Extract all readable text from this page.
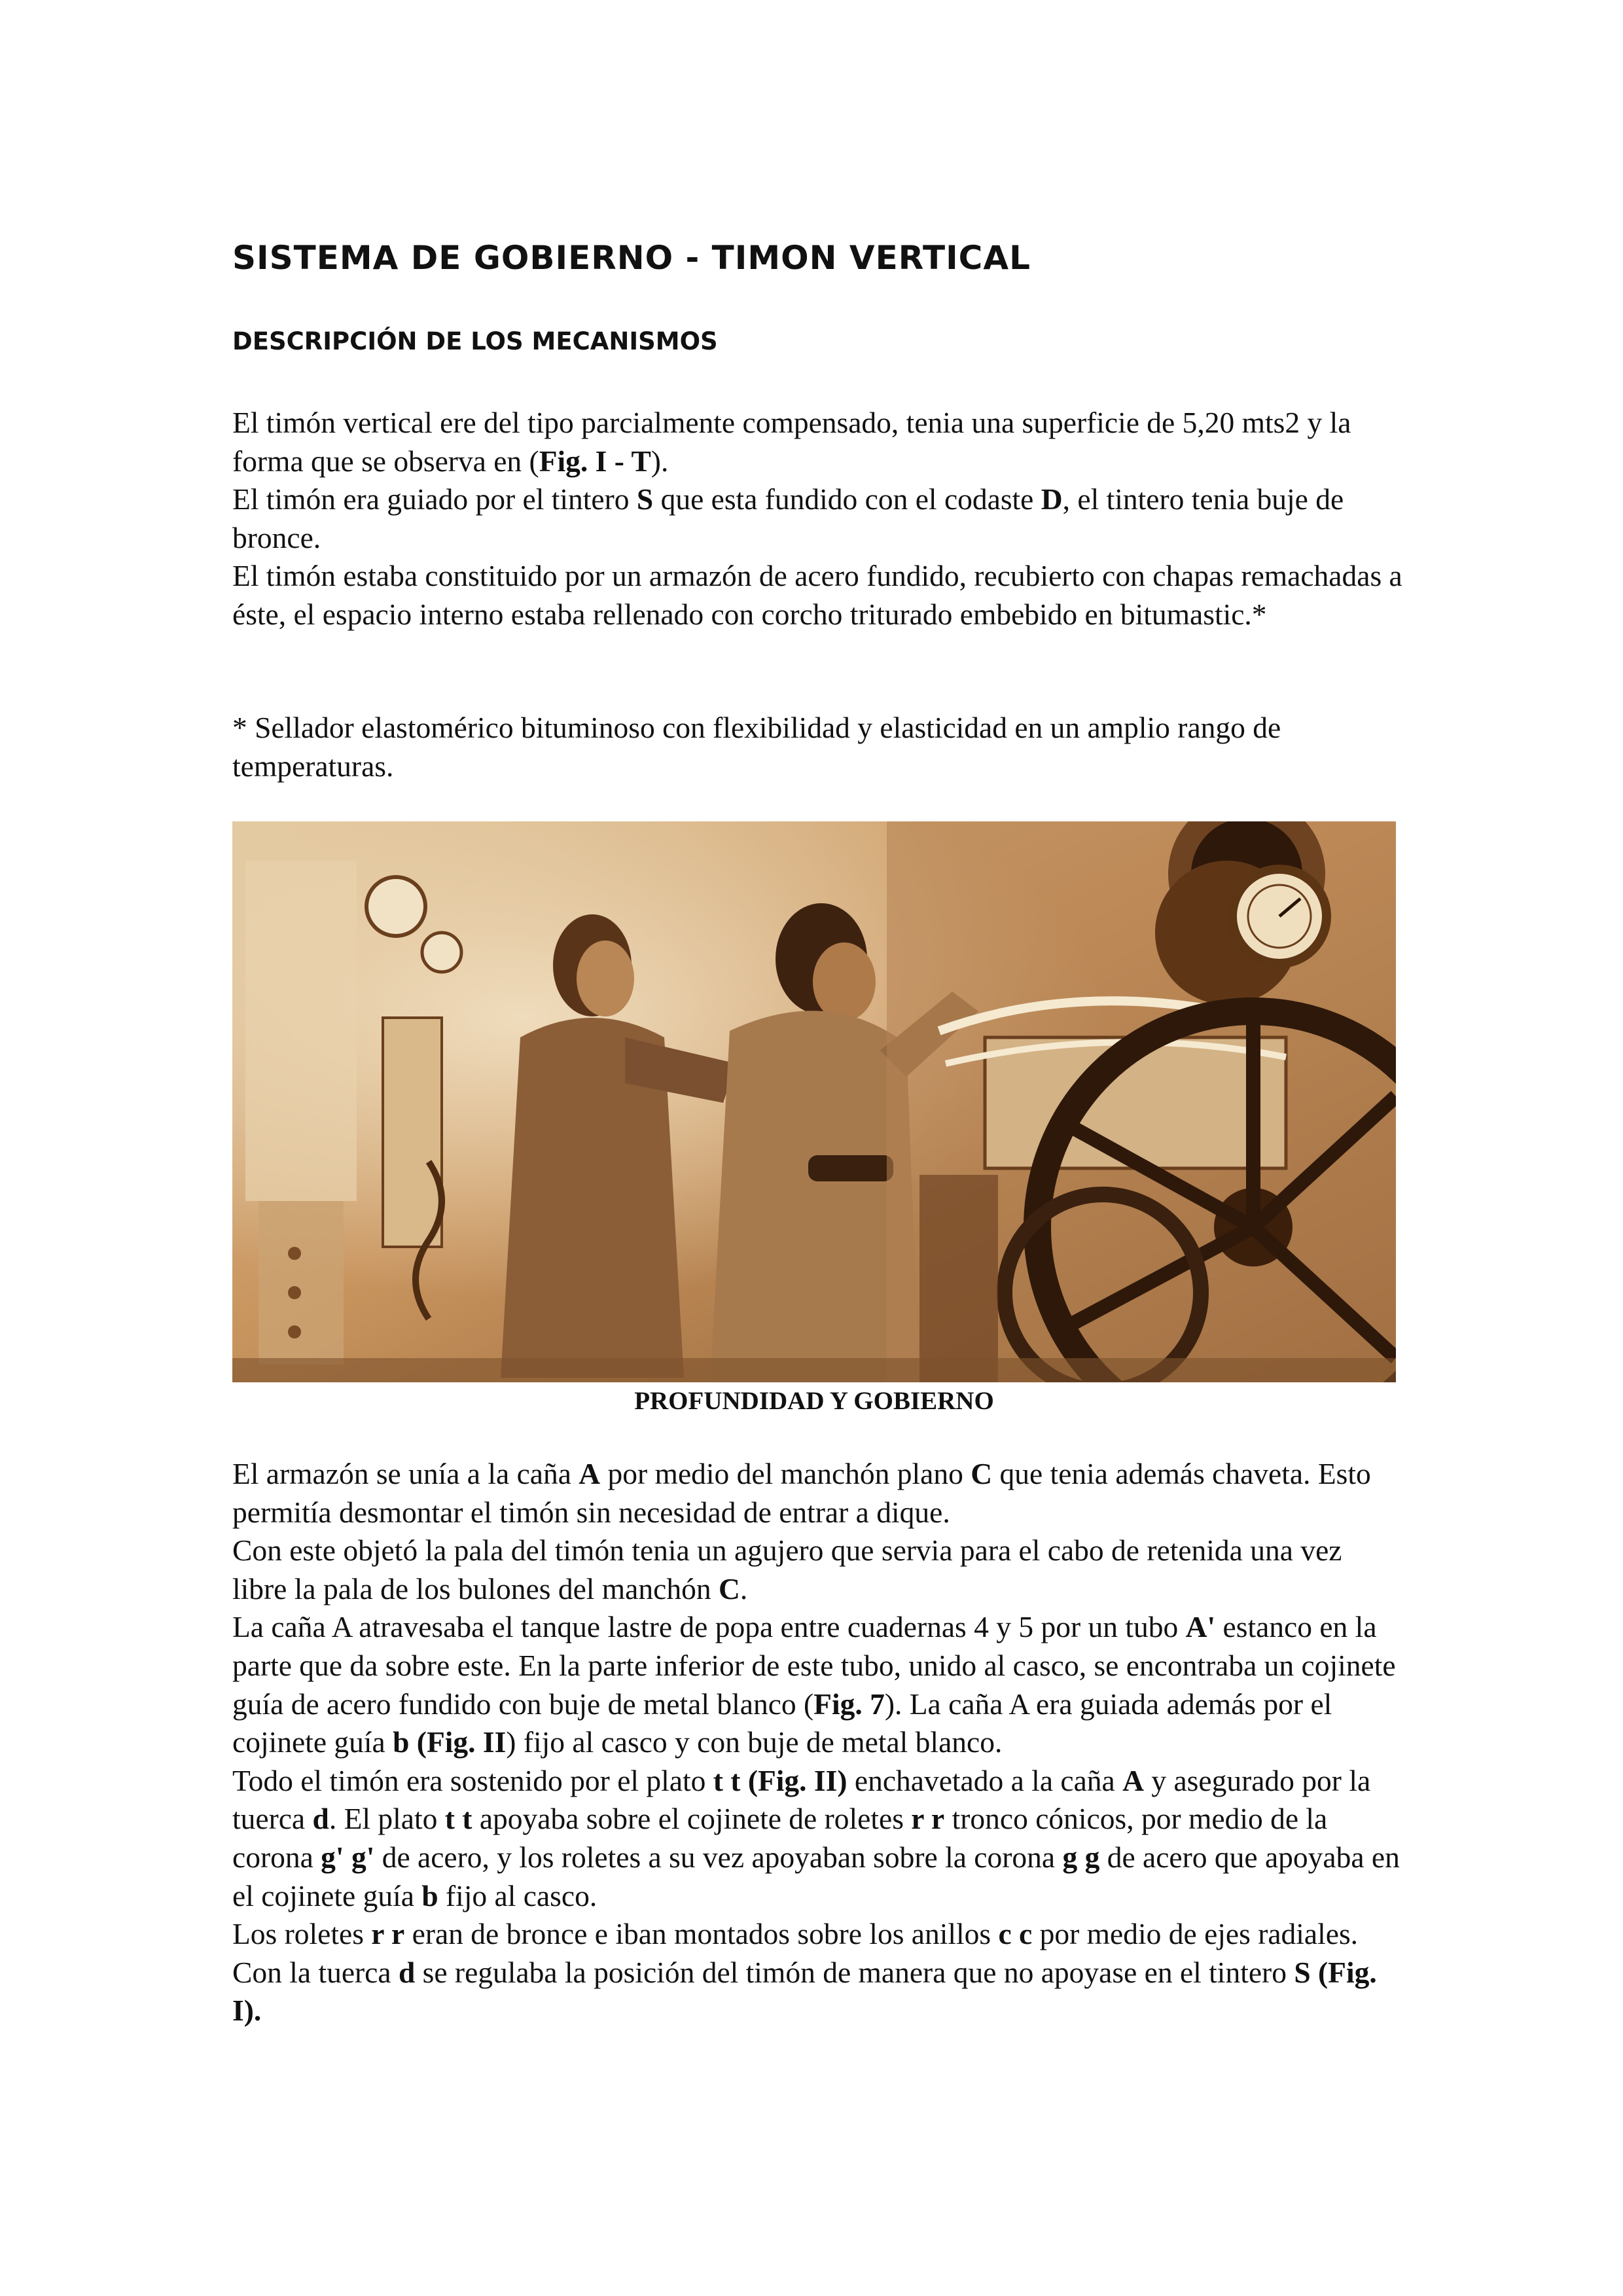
SISTEMA DE GOBIERNO - TIMON VERTICAL
DESCRIPCIÓN DE LOS MECANISMOS

El timón vertical ere del tipo parcialmente compensado, tenia una superficie de 5,20 mts2 y la forma que se observa en (Fig. I - T).

El timón era guiado por el tintero S que esta fundido con el codaste D, el tintero tenia buje de bronce.

El timón estaba constituido por un armazón de acero fundido, recubierto con chapas remachadas a éste, el espacio interno estaba rellenado con corcho triturado embebido en bitumastic.*

* Sellador elastomérico bituminoso con flexibilidad y elasticidad en un amplio rango de temperaturas.

PROFUNDIDAD Y GOBIERNO

El armazón se unía a la caña A por medio del manchón plano C que tenia además chaveta. Esto permitía desmontar el timón sin necesidad de entrar a dique.

Con este objetó la pala del timón tenia un agujero que servia para el cabo de retenida una vez libre la pala de los bulones del manchón C.

La caña A atravesaba el tanque lastre de popa entre cuadernas 4 y 5 por un tubo A' estanco en la parte que da sobre este. En la parte inferior de este tubo, unido al casco, se encontraba un cojinete guía de acero fundido con buje de metal blanco (Fig. 7). La caña A era guiada además por el cojinete guía b (Fig. II) fijo al casco y con buje de metal blanco.

Todo el timón era sostenido por el plato t t (Fig. II) enchavetado a la caña A y asegurado por la tuerca d. El plato t t apoyaba sobre el cojinete de roletes r r tronco cónicos, por medio de la corona g' g' de acero, y los roletes a su vez apoyaban sobre la corona g g de acero que apoyaba en el cojinete guía b fijo al casco.

Los roletes r r eran de bronce e iban montados sobre los anillos c c por medio de ejes radiales. Con la tuerca d se regulaba la posición del timón de manera que no apoyase en el tintero S (Fig. I).
